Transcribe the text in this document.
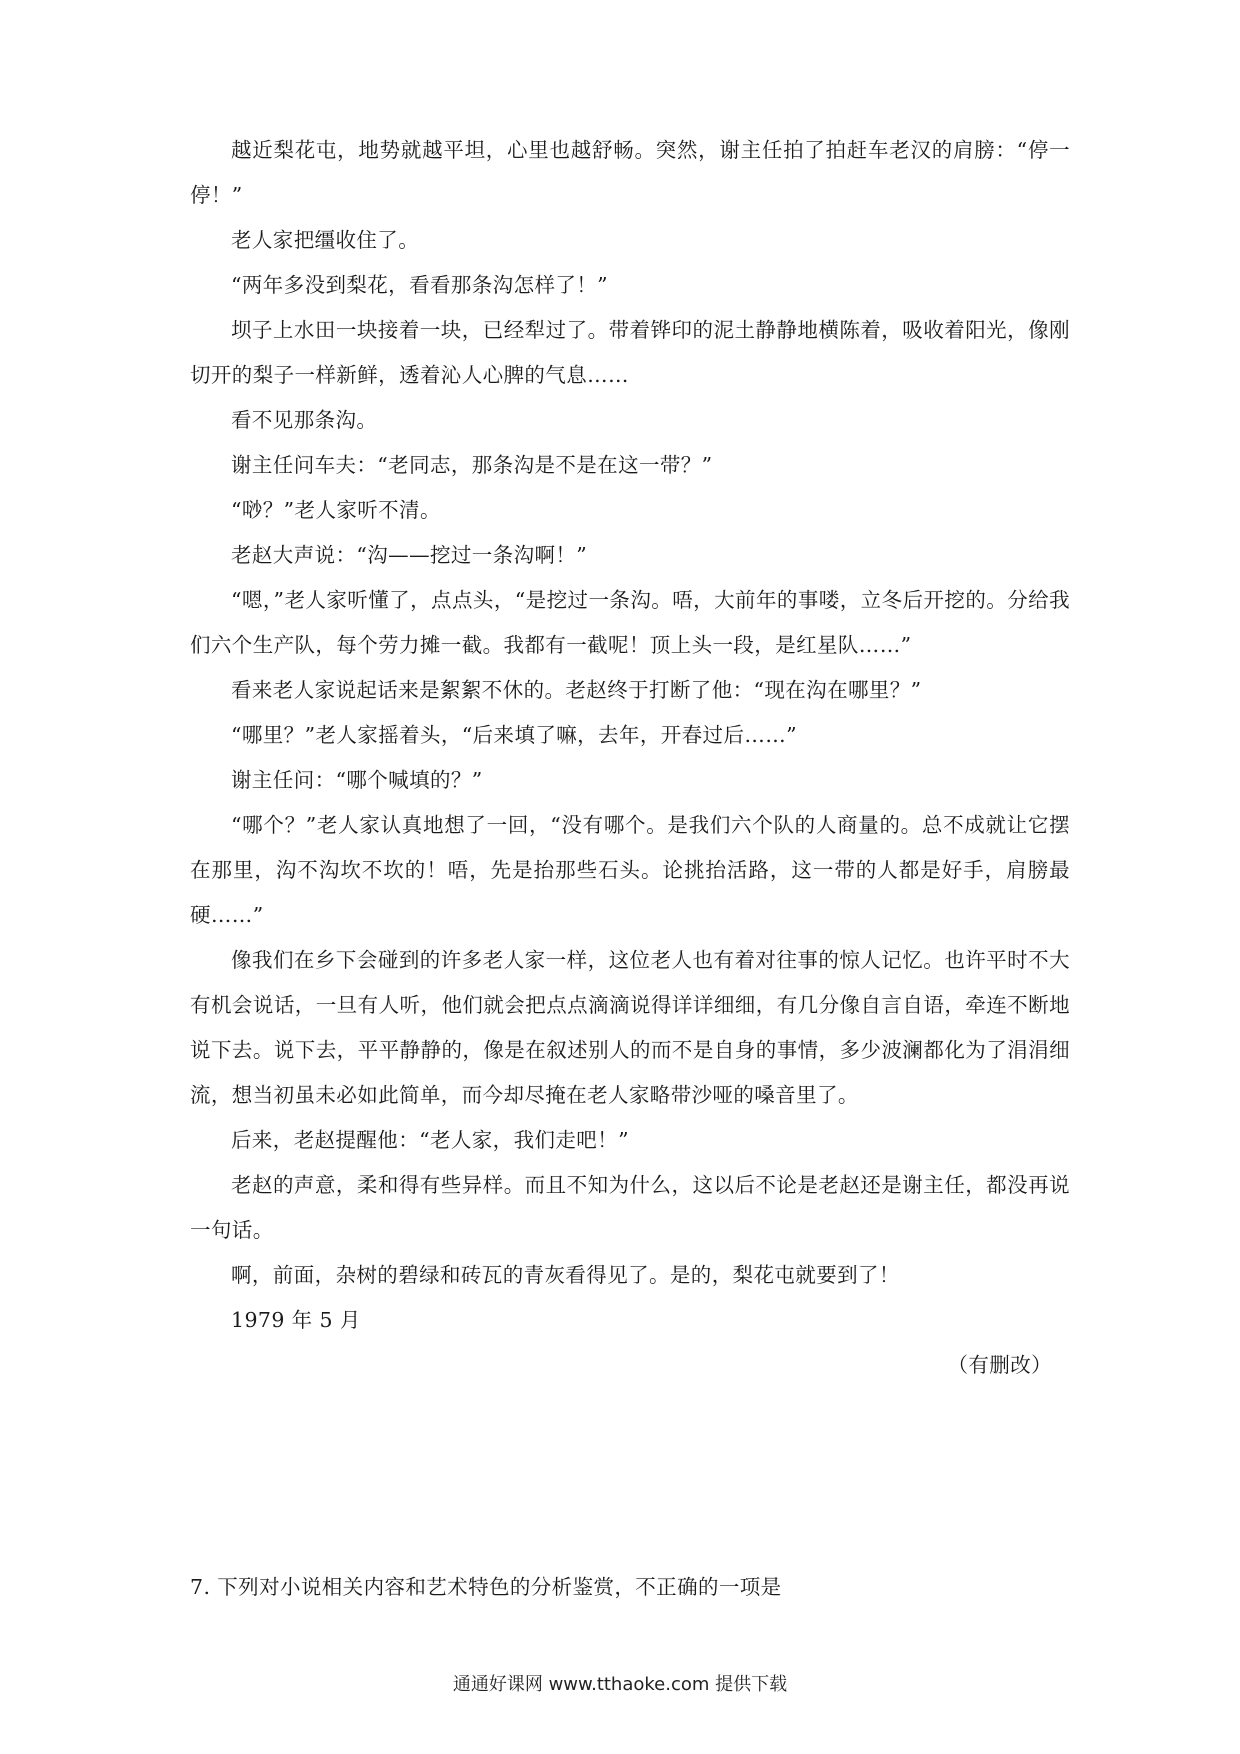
越近梨花屯，地势就越平坦，心里也越舒畅。突然，谢主任拍了拍赶车老汉的肩膀：“停一停！”

老人家把缰收住了。

“两年多没到梨花，看看那条沟怎样了！”

坝子上水田一块接着一块，已经犁过了。带着铧印的泥土静静地横陈着，吸收着阳光，像刚切开的梨子一样新鲜，透着沁人心脾的气息……

看不见那条沟。

谢主任问车夫：“老同志，那条沟是不是在这一带？”

“唦？”老人家听不清。

老赵大声说：“沟——挖过一条沟啊！”

“嗯，”老人家听懂了，点点头，“是挖过一条沟。唔，大前年的事喽，立冬后开挖的。分给我们六个生产队，每个劳力摊一截。我都有一截呢！顶上头一段，是红星队……”

看来老人家说起话来是絮絮不休的。老赵终于打断了他：“现在沟在哪里？”

“哪里？”老人家摇着头，“后来填了嘛，去年，开春过后……”

谢主任问：“哪个喊填的？”

“哪个？”老人家认真地想了一回，“没有哪个。是我们六个队的人商量的。总不成就让它摆在那里，沟不沟坎不坎的！唔，先是抬那些石头。论挑抬活路，这一带的人都是好手，肩膀最硬……”

像我们在乡下会碰到的许多老人家一样，这位老人也有着对往事的惊人记忆。也许平时不大有机会说话，一旦有人听，他们就会把点点滴滴说得详详细细，有几分像自言自语，牵连不断地说下去。说下去，平平静静的，像是在叙述别人的而不是自身的事情，多少波澜都化为了涓涓细流，想当初虽未必如此简单，而今却尽掩在老人家略带沙哑的嗓音里了。

后来，老赵提醒他：“老人家，我们走吧！”

老赵的声意，柔和得有些异样。而且不知为什么，这以后不论是老赵还是谢主任，都没再说一句话。

啊，前面，杂树的碧绿和砖瓦的青灰看得见了。是的，梨花屯就要到了！

1979 年 5 月

（有删改）

7. 下列对小说相关内容和艺术特色的分析鉴赏，不正确的一项是

通通好课网 www.tthaoke.com 提供下载
